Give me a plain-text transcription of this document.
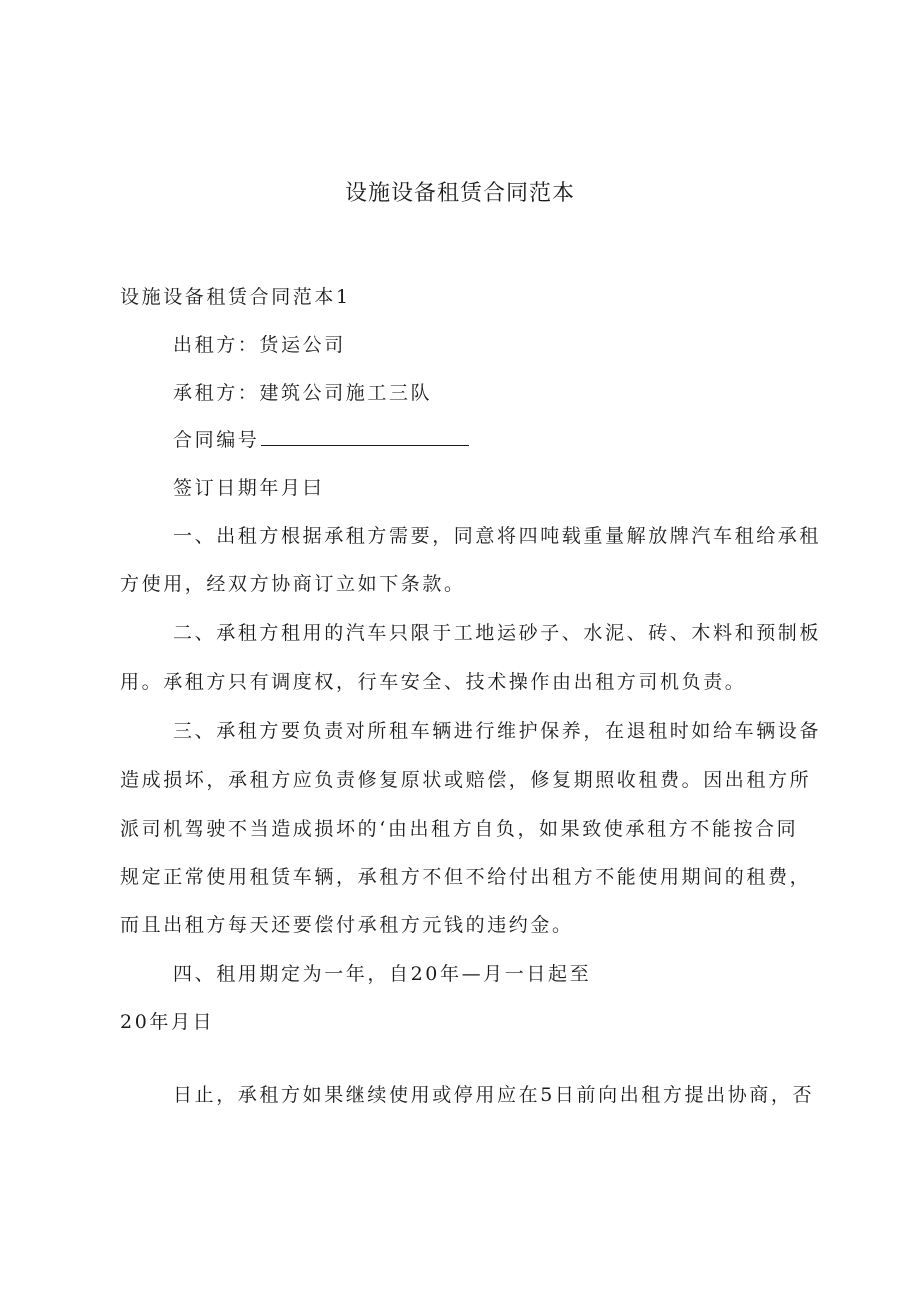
设施设备租赁合同范本
设施设备租赁合同范本1
出租方：货运公司
承租方：建筑公司施工三队
合同编号
签订日期年月曰
一、出租方根据承租方需要，同意将四吨载重量解放牌汽车租给承租
方使用，经双方协商订立如下条款。
二、承租方租用的汽车只限于工地运砂子、水泥、砖、木料和预制板
用。承租方只有调度权，行车安全、技术操作由出租方司机负责。
三、承租方要负责对所租车辆进行维护保养，在退租时如给车辆设备
造成损坏，承租方应负责修复原状或赔偿，修复期照收租费。因出租方所
派司机驾驶不当造成损坏的‘由出租方自负，如果致使承租方不能按合同
规定正常使用租赁车辆，承租方不但不给付出租方不能使用期间的租费，
而且出租方每天还要偿付承租方元钱的违约金。
四、租用期定为一年，自20年—月一日起至
20年月日
日止，承租方如果继续使用或停用应在5日前向出租方提出协商，否
